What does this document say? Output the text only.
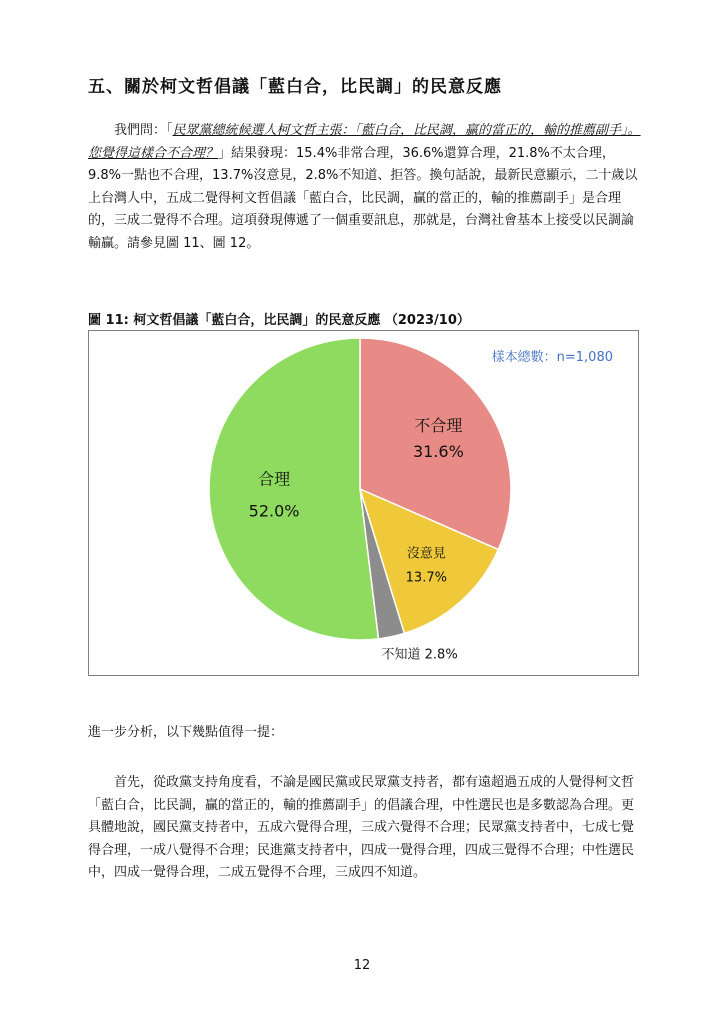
五、關於柯文哲倡議「藍白合，比民調」的民意反應

我們問：「民眾黨總統候選人柯文哲主張：「藍白合，比民調，贏的當正的，輸的推薦副手」。您覺得這樣合不合理？」結果發現：15.4%非常合理，36.6%還算合理，21.8%不太合理，9.8%一點也不合理，13.7%沒意見，2.8%不知道、拒答。換句話說，最新民意顯示，二十歲以上台灣人中，五成二覺得柯文哲倡議「藍白合，比民調，贏的當正的，輸的推薦副手」是合理的，三成二覺得不合理。這項發現傳遞了一個重要訊息，那就是，台灣社會基本上接受以民調論輸贏。請參見圖 11、圖 12。

圖 11: 柯文哲倡議「藍白合，比民調」的民意反應 （2023/10）
不合理
31.6%
沒意見
13.7%
不知道 2.8%
合理
52.0%
樣本總數：n=1,080

進一步分析，以下幾點值得一提：

首先，從政黨支持角度看，不論是國民黨或民眾黨支持者，都有遠超過五成的人覺得柯文哲「藍白合，比民調，贏的當正的，輸的推薦副手」的倡議合理，中性選民也是多數認為合理。更具體地說，國民黨支持者中，五成六覺得合理，三成六覺得不合理；民眾黨支持者中，七成七覺得合理，一成八覺得不合理；民進黨支持者中，四成一覺得合理，四成三覺得不合理；中性選民中，四成一覺得合理，二成五覺得不合理，三成四不知道。

12
